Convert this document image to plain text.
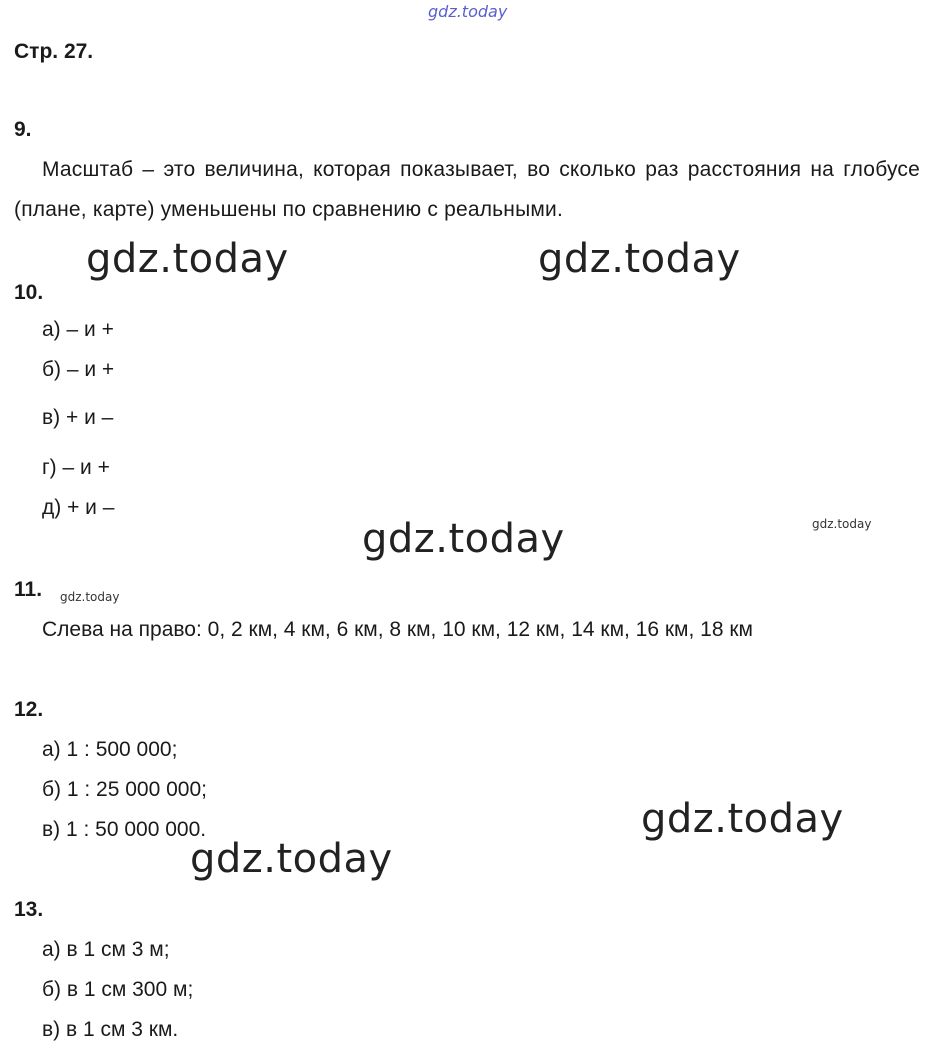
gdz.today
Стр. 27.
9.
Масштаб – это величина, которая показывает, во сколько раз расстояния на глобусе (плане, карте) уменьшены по сравнению с реальными.
gdz.today	gdz.today
10.
а) – и +
б) – и +
в) + и –
г) – и +
д) + и –
gdz.today
gdz.today
11. gdz.today
Слева на право: 0, 2 км, 4 км, 6 км, 8 км, 10 км, 12 км, 14 км, 16 км, 18 км
12.
а) 1 : 500 000;
б) 1 : 25 000 000;
в) 1 : 50 000 000.	gdz.today
gdz.today
13.
а) в 1 см 3 м;
б) в 1 см 300 м;
в) в 1 см 3 км.
